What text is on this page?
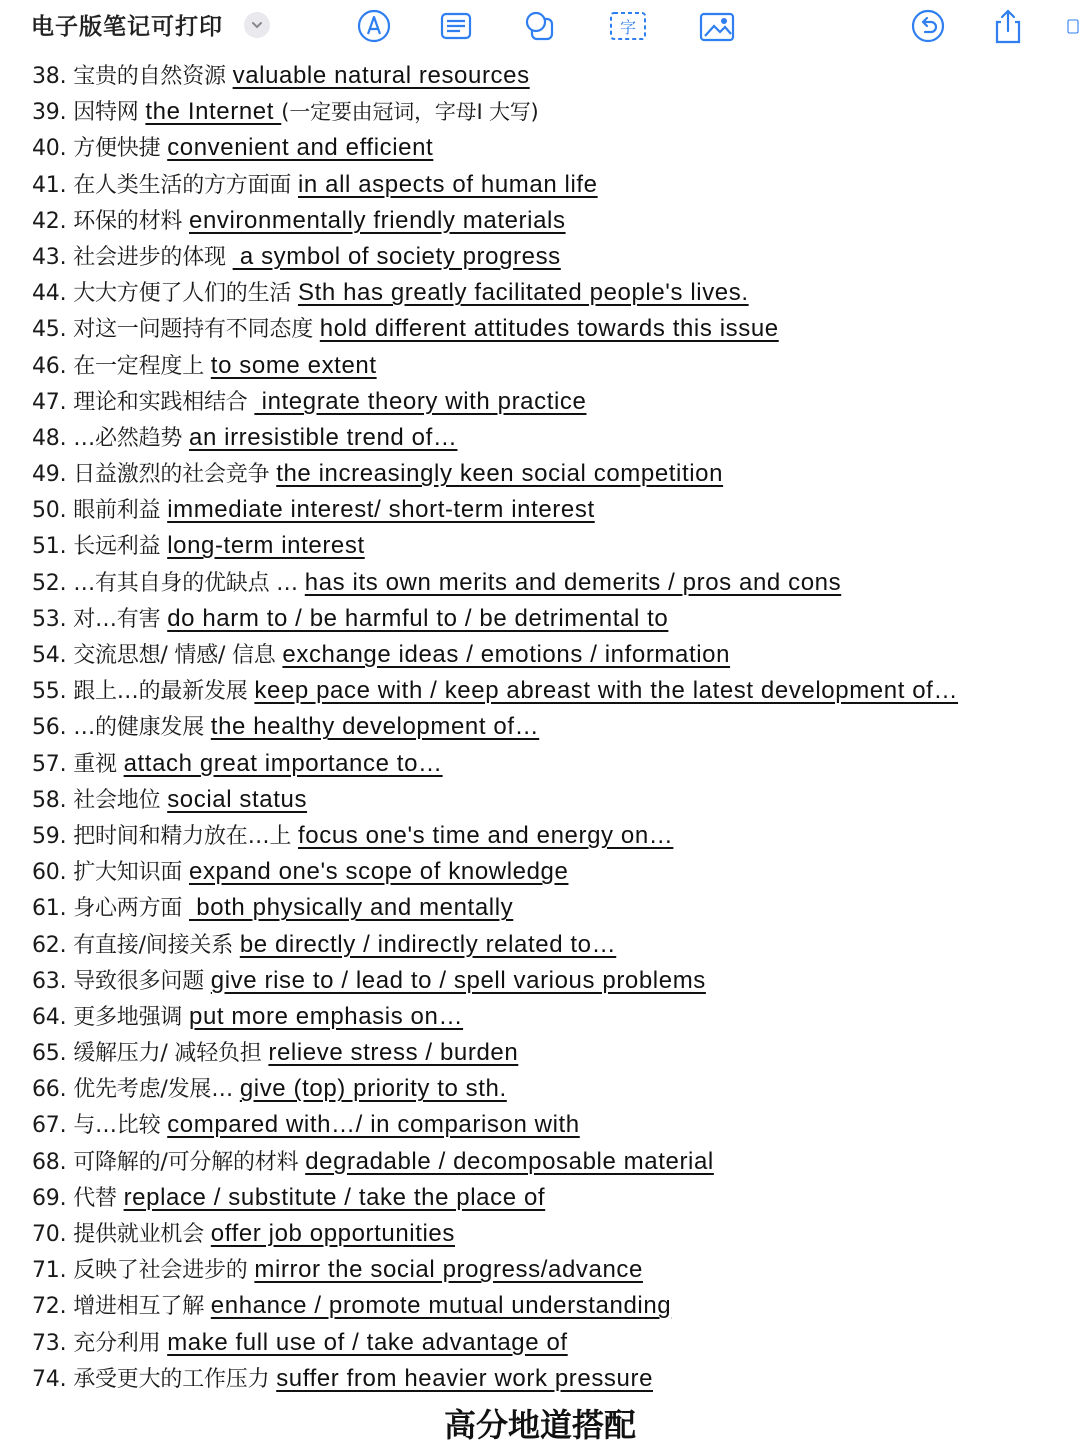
电子版笔记可打印	字
38. 宝贵的自然资源 valuable natural resources
39. 因特网 the Internet (一定要由冠词，字母I 大写)
40. 方便快捷 convenient and efficient
41. 在人类生活的方方面面 in all aspects of human life
42. 环保的材料 environmentally friendly materials
43. 社会进步的体现  a symbol of society progress
44. 大大方便了人们的生活 Sth has greatly facilitated people's lives.
45. 对这一问题持有不同态度 hold different attitudes towards this issue
46. 在一定程度上 to some extent
47. 理论和实践相结合  integrate theory with practice
48. …必然趋势 an irresistible trend of…
49. 日益激烈的社会竞争 the increasingly keen social competition
50. 眼前利益 immediate interest/ short-term interest
51. 长远利益 long-term interest
52. …有其自身的优缺点 … has its own merits and demerits / pros and cons
53. 对…有害 do harm to / be harmful to / be detrimental to
54. 交流思想/ 情感/ 信息 exchange ideas / emotions / information
55. 跟上…的最新发展 keep pace with / keep abreast with the latest development of…
56. …的健康发展 the healthy development of…
57. 重视 attach great importance to…
58. 社会地位 social status
59. 把时间和精力放在…上 focus one's time and energy on…
60. 扩大知识面 expand one's scope of knowledge
61. 身心两方面  both physically and mentally
62. 有直接/间接关系 be directly / indirectly related to…
63. 导致很多问题 give rise to / lead to / spell various problems
64. 更多地强调 put more emphasis on…
65. 缓解压力/ 减轻负担 relieve stress / burden
66. 优先考虑/发展… give (top) priority to sth.
67. 与…比较 compared with…/ in comparison with
68. 可降解的/可分解的材料 degradable / decomposable material
69. 代替 replace / substitute / take the place of
70. 提供就业机会 offer job opportunities
71. 反映了社会进步的 mirror the social progress/advance
72. 增进相互了解 enhance / promote mutual understanding
73. 充分利用 make full use of / take advantage of
74. 承受更大的工作压力 suffer from heavier work pressure
高分地道搭配
